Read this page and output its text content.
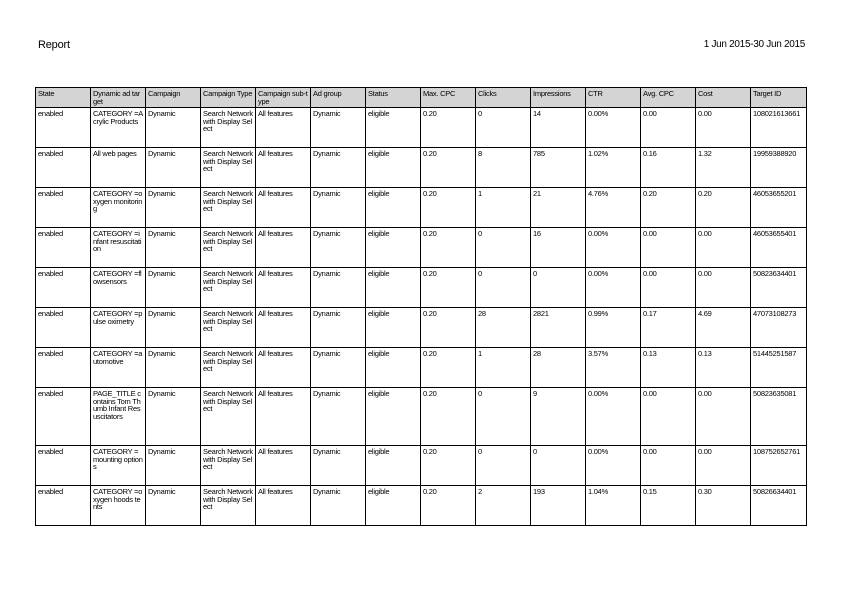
Report	1 Jun 2015-30 Jun 2015
State	Dynamic ad target	Campaign	Campaign Type	Campaign sub-type	Ad group	Status	Max. CPC	Clicks	Impressions	CTR	Avg. CPC	Cost	Target ID
enabled	CATEGORY =Acrylic Products	Dynamic	Search Network with Display Select	All features	Dynamic	eligible	0.20	0	14	0.00%	0.00	0.00	108021613661
enabled	All web pages	Dynamic	Search Network with Display Select	All features	Dynamic	eligible	0.20	8	785	1.02%	0.16	1.32	19959388920
enabled	CATEGORY =oxygen monitoring	Dynamic	Search Network with Display Select	All features	Dynamic	eligible	0.20	1	21	4.76%	0.20	0.20	46053655201
enabled	CATEGORY =infant resuscitation	Dynamic	Search Network with Display Select	All features	Dynamic	eligible	0.20	0	16	0.00%	0.00	0.00	46053655401
enabled	CATEGORY =flowsensors	Dynamic	Search Network with Display Select	All features	Dynamic	eligible	0.20	0	0	0.00%	0.00	0.00	50823634401
enabled	CATEGORY =pulse oximetry	Dynamic	Search Network with Display Select	All features	Dynamic	eligible	0.20	28	2821	0.99%	0.17	4.69	47073108273
enabled	CATEGORY =automotive	Dynamic	Search Network with Display Select	All features	Dynamic	eligible	0.20	1	28	3.57%	0.13	0.13	51445251587
enabled	PAGE_TITLE contains Tom Thumb Infant Resuscitators	Dynamic	Search Network with Display Select	All features	Dynamic	eligible	0.20	0	9	0.00%	0.00	0.00	50823635081
enabled	CATEGORY =mounting options	Dynamic	Search Network with Display Select	All features	Dynamic	eligible	0.20	0	0	0.00%	0.00	0.00	108752652761
enabled	CATEGORY =oxygen hoods tents	Dynamic	Search Network with Display Select	All features	Dynamic	eligible	0.20	2	193	1.04%	0.15	0.30	50826634401
